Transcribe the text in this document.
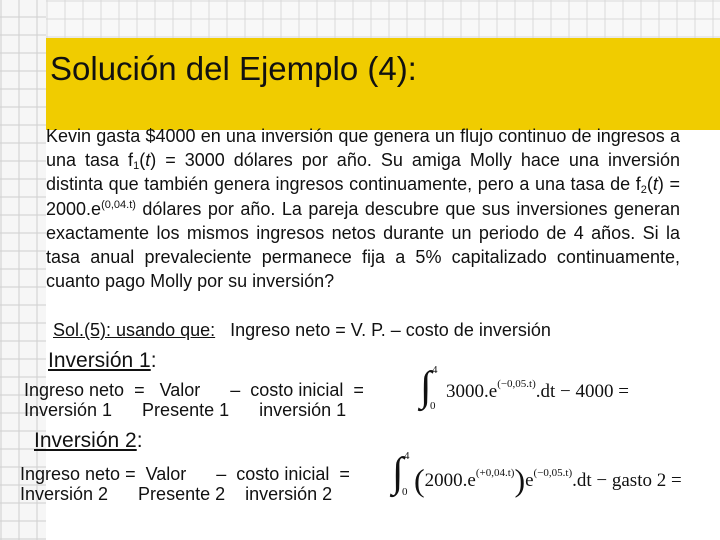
Solución del Ejemplo (4):

Kevin gasta $4000 en una inversión que genera un flujo continuo de ingresos a una tasa $f_1(t) = 3000$ dólares por año. Su amiga Molly hace una inversión distinta que también genera ingresos continuamente, pero a una tasa de $f_2(t) = 2000.e^{(0,04.t)}$ dólares por año. La pareja descubre que sus inversiones generan exactamente los mismos ingresos netos durante un periodo de 4 años. Si la tasa anual prevaleciente permanece fija a 5% capitalizado continuamente, cuanto pago Molly por su inversión?

Sol.(5): usando que: Ingreso neto = V. P. – costo de inversión
Inversión 1:
Ingreso neto  =   Valor      –  costo inicial  =
Inversión 1      Presente 1      inversión 1 ∫ 4
0
$3000.e^{(-0,05.t)}.dt - 4000$ =
Inversión 2:
Ingreso neto =  Valor      –  costo inicial  =
Inversión 2      Presente 2    inversión 2 ∫ 4
0 $(2000.e^{(+0,04.t)})e^{(-0,05.t)}.dt$ − gasto 2 =
